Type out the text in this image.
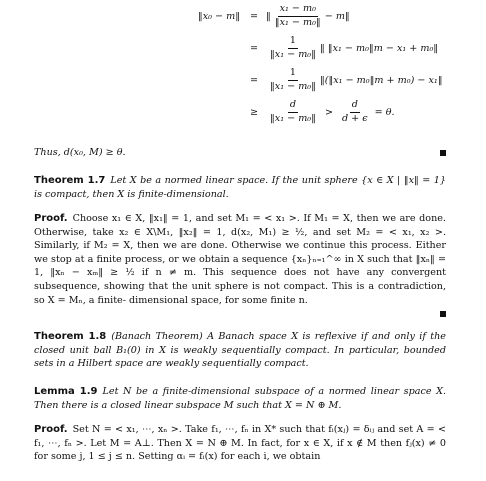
‖x₀ − m‖	= ‖ $\frac{\text{x₁ − m₀}}{\text{‖x₁ − m₀‖}}$ − m‖
=	$\frac{1}{\text{‖x₁ − m₀‖}}$ ‖ ‖x₁ − m₀‖m − x₁ + m₀‖
=	$\frac{1}{\text{‖x₁ − m₀‖}}$ ‖(‖x₁ − m₀‖m + m₀) − x₁‖
≥	$\frac{d}{\text{‖x₁ − m₀‖}} > \frac{d}{d + \epsilon} = \theta$.
Thus, d(x₀, M) ≥ θ.
Theorem 1.7 Let X be a normed linear space. If the unit sphere {x ∈ X | ‖x‖ = 1} is compact, then X is finite-dimensional.
Proof. Choose x₁ ∈ X, ‖x₁‖ = 1, and set M₁ = < x₁ >. If M₁ = X, then we are done. Otherwise, take x₂ ∈ X\M₁, ‖x₂‖ = 1, d(x₂, M₁) ≥ ½, and set M₂ = < x₁, x₂ >. Similarly, if M₂ = X, then we are done. Otherwise we continue this process. Either we stop at a finite process, or we obtain a sequence {xₙ}ₙ₌₁^∞ in X such that ‖xₙ‖ = 1, ‖xₙ − xₘ‖ ≥ ½ if n ≠ m. This sequence does not have any convergent subsequence, showing that the unit sphere is not compact. This is a contradiction, so X = Mₙ, a finite- dimensional space, for some finite n.
Theorem 1.8 (Banach Theorem) A Banach space X is reflexive if and only if the closed unit ball B₁(0) in X is weakly sequentially compact. In particular, bounded sets in a Hilbert space are weakly sequentially compact.
Lemma 1.9 Let N be a finite-dimensional subspace of a normed linear space X. Then there is a closed linear subspace M such that X = N ⊕ M.
Proof. Set N = < x₁, ⋯, xₙ >. Take f₁, ⋯, fₙ in X* such that fᵢ(xⱼ) = δᵢⱼ and set A = < f₁, ⋯, fₙ >. Let M = A⊥. Then X = N ⊕ M. In fact, for x ∈ X, if x ∉ M then fⱼ(x) ≠ 0 for some j, 1 ≤ j ≤ n. Setting αᵢ = fᵢ(x) for each i, we obtain
